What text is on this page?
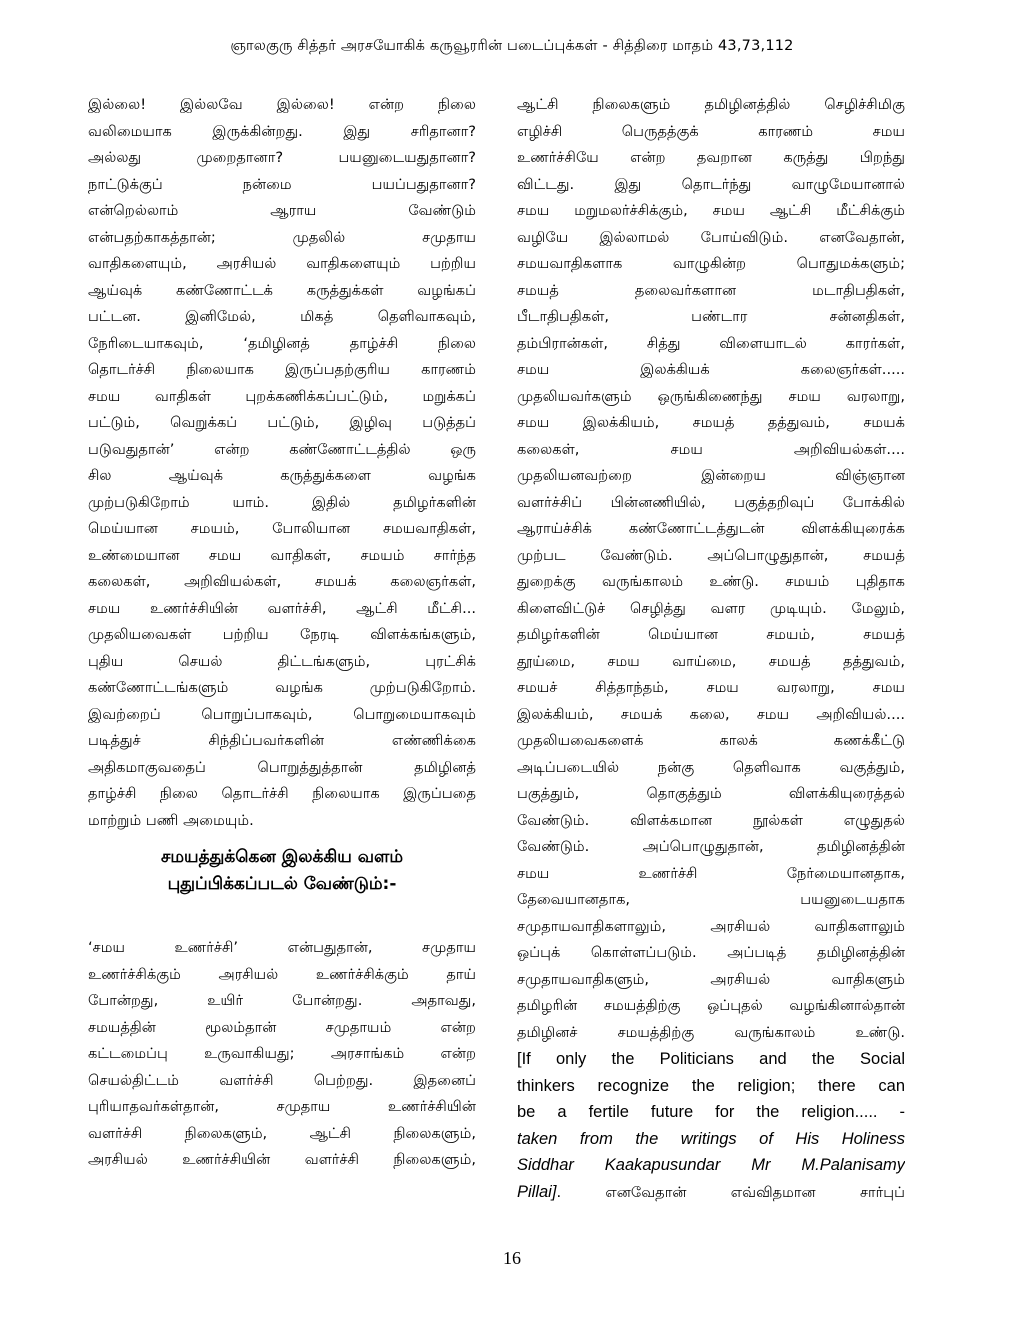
ஞாலகுரு சித்தர் அரசயோகிக் கருவூரரின் படைப்புக்கள் - சித்திரை மாதம் 43,73,112
இல்லை! இல்லவே இல்லை! என்ற நிலை
வலிமையாக இருக்கின்றது. இது சரிதானா?
அல்லது முறைதானா? பயனுடையதுதானா?
நாட்டுக்குப் நன்மை பயப்பதுதானா?
என்றெல்லாம் ஆராய வேண்டும்
என்பதற்காகத்தான்; முதலில் சமுதாய
வாதிகளையும், அரசியல் வாதிகளையும் பற்றிய
ஆய்வுக் கண்ணோட்டக் கருத்துக்கள் வழங்கப்
பட்டன. இனிமேல், மிகத் தெளிவாகவும்,
நேரிடையாகவும், ‘தமிழினத் தாழ்ச்சி நிலை
தொடர்ச்சி நிலையாக இருப்பதற்குரிய காரணம்
சமய வாதிகள் புறக்கணிக்கப்பட்டும், மறுக்கப்
பட்டும், வெறுக்கப் பட்டும், இழிவு படுத்தப்
படுவதுதான்’ என்ற கண்ணோட்டத்தில் ஒரு
சில ஆய்வுக் கருத்துக்களை வழங்க
முற்படுகிறோம் யாம். இதில் தமிழர்களின்
மெய்யான சமயம், போலியான சமயவாதிகள்,
உண்மையான சமய வாதிகள், சமயம் சார்ந்த
கலைகள், அறிவியல்கள், சமயக் கலைஞர்கள்,
சமய உணர்ச்சியின் வளர்ச்சி, ஆட்சி மீட்சி...
முதலியவைகள் பற்றிய நேரடி விளக்கங்களும்,
புதிய செயல் திட்டங்களும், புரட்சிக்
கண்ணோட்டங்களும் வழங்க முற்படுகிறோம்.
இவற்றைப் பொறுப்பாகவும், பொறுமையாகவும்
படித்துச் சிந்திப்பவர்களின் எண்ணிக்கை
அதிகமாகுவதைப் பொறுத்துத்தான் தமிழினத்
தாழ்ச்சி நிலை தொடர்ச்சி நிலையாக இருப்பதை
மாற்றும் பணி அமையும்.
சமயத்துக்கென இலக்கிய வளம்
புதுப்பிக்கப்படல் வேண்டும்:-
‘சமய உணர்ச்சி’ என்பதுதான், சமுதாய
உணர்ச்சிக்கும் அரசியல் உணர்ச்சிக்கும் தாய்
போன்றது, உயிர் போன்றது. அதாவது,
சமயத்தின் மூலம்தான் சமுதாயம் என்ற
கட்டமைப்பு உருவாகியது; அரசாங்கம் என்ற
செயல்திட்டம் வளர்ச்சி பெற்றது. இதனைப்
புரியாதவர்கள்தான், சமுதாய உணர்ச்சியின்
வளர்ச்சி நிலைகளும், ஆட்சி நிலைகளும்,
அரசியல் உணர்ச்சியின் வளர்ச்சி நிலைகளும்,
ஆட்சி நிலைகளும் தமிழினத்தில் செழிச்சிமிகு
எழிச்சி பெருதத்குக் காரணம் சமய
உணர்ச்சியே என்ற தவறான கருத்து பிறந்து
விட்டது. இது தொடர்ந்து வாழுமேயானால்
சமய மறுமலர்ச்சிக்கும், சமய ஆட்சி மீட்சிக்கும்
வழியே இல்லாமல் போய்விடும். எனவேதான்,
சமயவாதிகளாக வாழுகின்ற பொதுமக்களும்;
சமயத் தலைவர்களான மடாதிபதிகள்,
பீடாதிபதிகள், பண்டார சன்னதிகள்,
தம்பிரான்கள், சித்து விளையாடல் காரர்கள்,
சமய இலக்கியக் கலைஞர்கள்.....
முதலியவர்களும் ஒருங்கிணைந்து சமய வரலாறு,
சமய இலக்கியம், சமயத் தத்துவம், சமயக்
கலைகள், சமய அறிவியல்கள்....
முதலியனவற்றை இன்றைய விஞ்ஞான
வளர்ச்சிப் பின்னணியில், பகுத்தறிவுப் போக்கில்
ஆராய்ச்சிக் கண்ணோட்டத்துடன் விளக்கியுரைக்க
முற்பட வேண்டும். அப்பொழுதுதான், சமயத்
துறைக்கு வருங்காலம் உண்டு. சமயம் புதிதாக
கிளைவிட்டுச் செழித்து வளர முடியும். மேலும்,
தமிழர்களின் மெய்யான சமயம், சமயத்
தூய்மை, சமய வாய்மை, சமயத் தத்துவம்,
சமயச் சித்தாந்தம், சமய வரலாறு, சமய
இலக்கியம், சமயக் கலை, சமய அறிவியல்....
முதலியவைகளைக் காலக் கணக்கீட்டு
அடிப்படையில் நன்கு தெளிவாக வகுத்தும்,
பகுத்தும், தொகுத்தும் விளக்கியுரைத்தல்
வேண்டும். விளக்கமான நூல்கள் எழுதுதல்
வேண்டும். அப்பொழுதுதான், தமிழினத்தின்
சமய உணர்ச்சி நேர்மையானதாக,
தேவையானதாக, பயனுடையதாக
சமுதாயவாதிகளாலும், அரசியல் வாதிகளாலும்
ஒப்புக் கொள்ளப்படும். அப்படித் தமிழினத்தின்
சமுதாயவாதிகளும், அரசியல் வாதிகளும்
தமிழரின் சமயத்திற்கு ஒப்புதல் வழங்கினால்தான்
தமிழினச் சமயத்திற்கு வருங்காலம் உண்டு.
[If only the Politicians and the Social
thinkers recognize the religion; there can
be a fertile future for the religion..... -
taken from the writings of His Holiness
Siddhar Kaakapusundar Mr M.Palanisamy
Pillai]. எனவேதான் எவ்விதமான சார்புப்
16
